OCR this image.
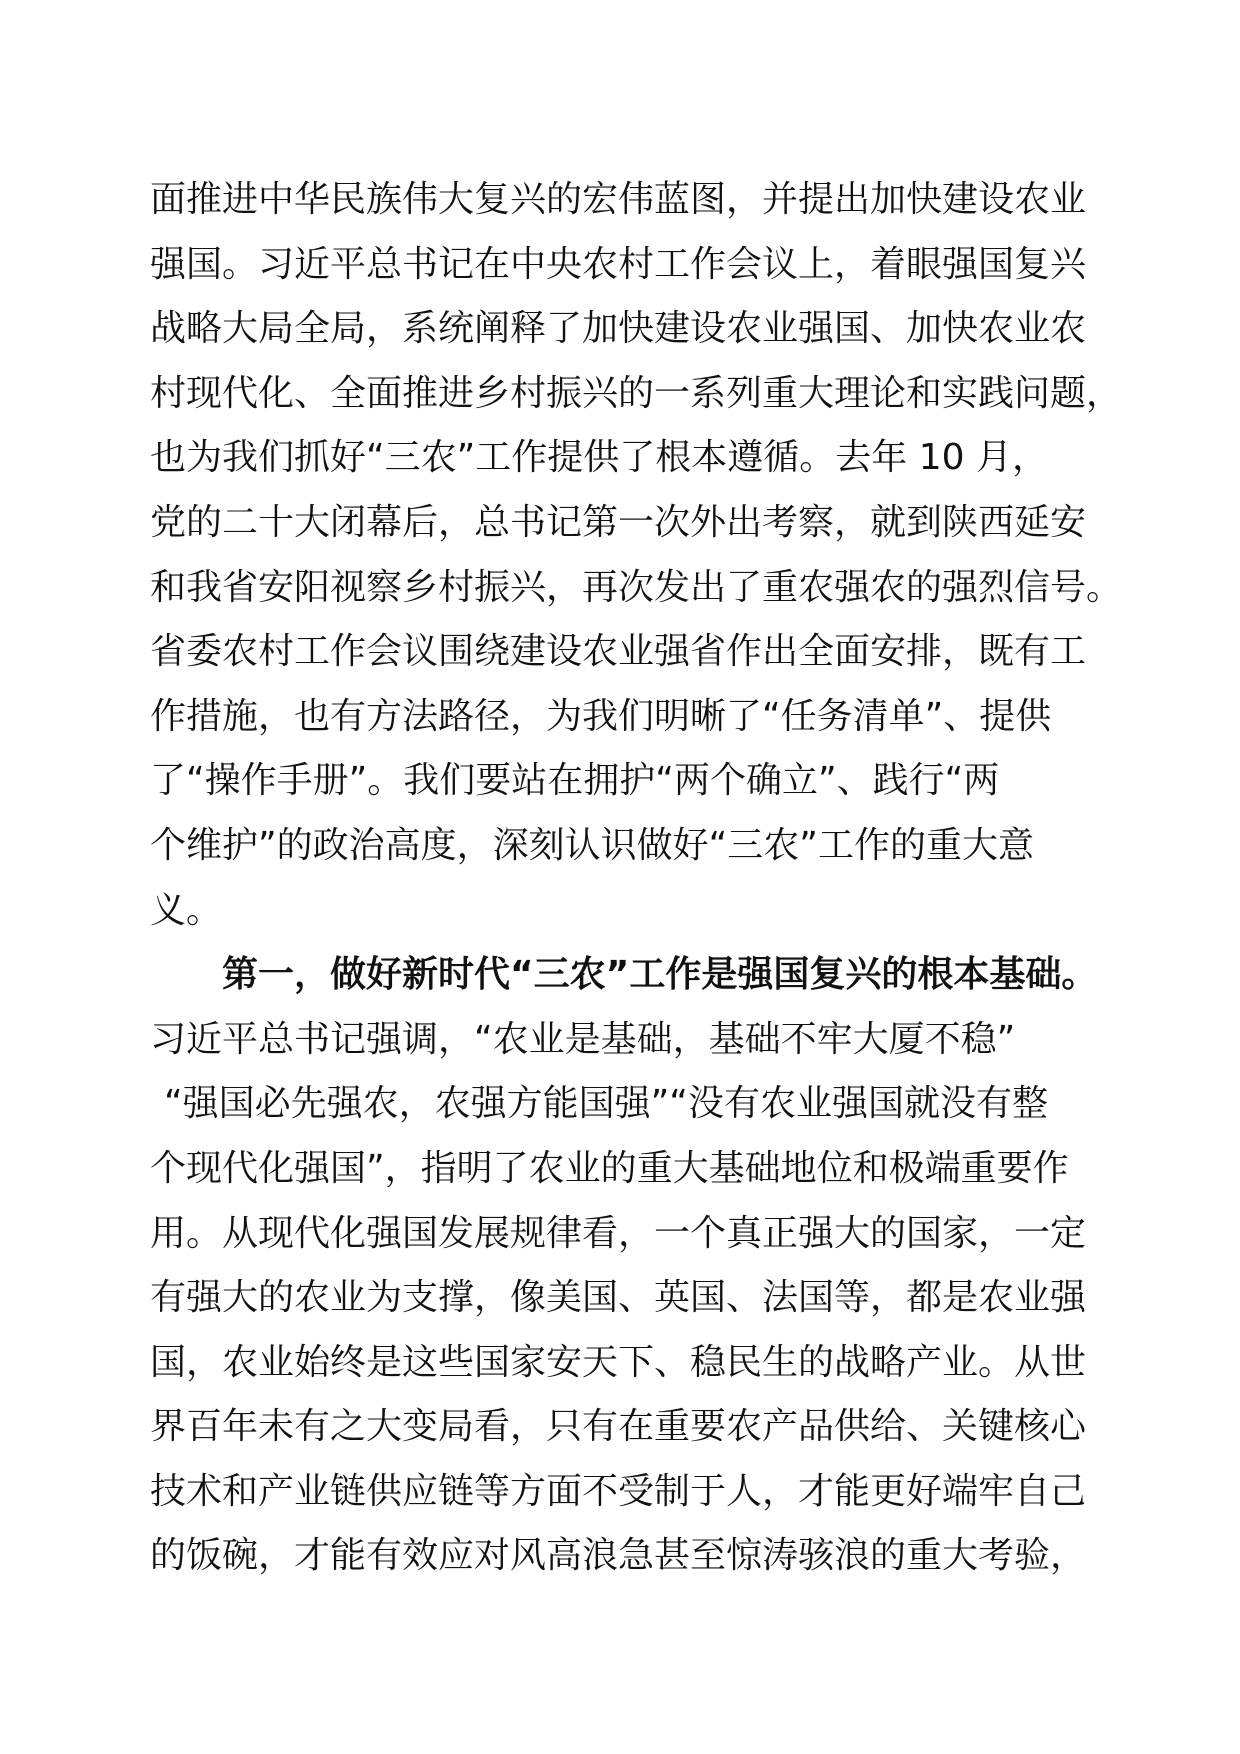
面推进中华民族伟大复兴的宏伟蓝图，并提出加快建设农业
强国。习近平总书记在中央农村工作会议上，着眼强国复兴
战略大局全局，系统阐释了加快建设农业强国、加快农业农
村现代化、全面推进乡村振兴的一系列重大理论和实践问题，
也为我们抓好“三农”工作提供了根本遵循。去年 10 月，
党的二十大闭幕后，总书记第一次外出考察，就到陕西延安
和我省安阳视察乡村振兴，再次发出了重农强农的强烈信号。
省委农村工作会议围绕建设农业强省作出全面安排，既有工
作措施，也有方法路径，为我们明晰了“任务清单”、提供
了“操作手册”。我们要站在拥护“两个确立”、践行“两
个维护”的政治高度，深刻认识做好“三农”工作的重大意
义。
第一，做好新时代“三农”工作是强国复兴的根本基础。
习近平总书记强调，“农业是基础，基础不牢大厦不稳”
“强国必先强农，农强方能国强”“没有农业强国就没有整
个现代化强国”，指明了农业的重大基础地位和极端重要作
用。从现代化强国发展规律看，一个真正强大的国家，一定
有强大的农业为支撑，像美国、英国、法国等，都是农业强
国，农业始终是这些国家安天下、稳民生的战略产业。从世
界百年未有之大变局看，只有在重要农产品供给、关键核心
技术和产业链供应链等方面不受制于人，才能更好端牢自己
的饭碗，才能有效应对风高浪急甚至惊涛骇浪的重大考验，
